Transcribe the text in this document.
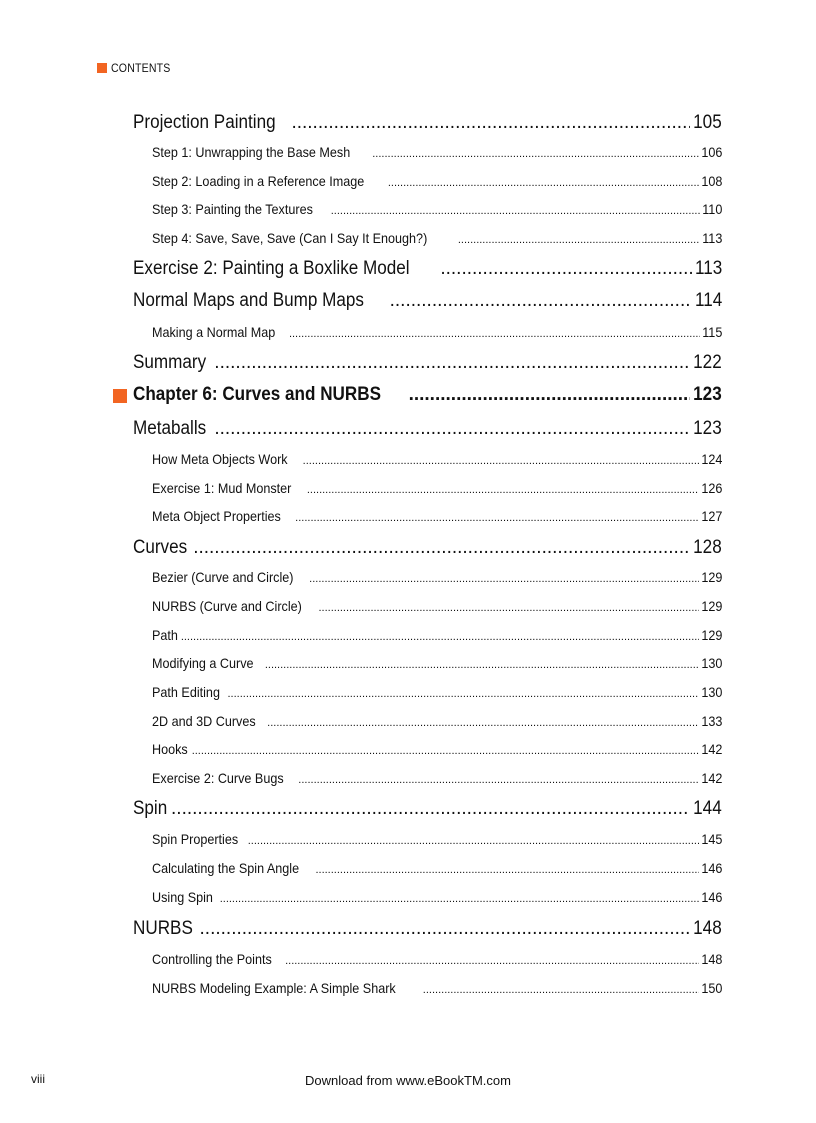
CONTENTS
Projection Painting .....	105
Step 1: Unwrapping the Base Mesh .....	106
Step 2: Loading in a Reference Image .....	108
Step 3: Painting the Textures .....	110
Step 4: Save, Save, Save (Can I Say It Enough?) .....	113
Exercise 2: Painting a Boxlike Model .....	113
Normal Maps and Bump Maps .....	114
Making a Normal Map .....	115
Summary .....	122
Chapter 6: Curves and NURBS .....	123
Metaballs .....	123
How Meta Objects Work .....	124
Exercise 1: Mud Monster .....	126
Meta Object Properties .....	127
Curves .....	128
Bezier (Curve and Circle) .....	129
NURBS (Curve and Circle) .....	129
Path .....	129
Modifying a Curve .....	130
Path Editing .....	130
2D and 3D Curves .....	133
Hooks .....	142
Exercise 2: Curve Bugs .....	142
Spin .....	144
Spin Properties .....	145
Calculating the Spin Angle .....	146
Using Spin .....	146
NURBS .....	148
Controlling the Points .....	148
NURBS Modeling Example: A Simple Shark .....	150
viii	Download from www.eBookTM.com
